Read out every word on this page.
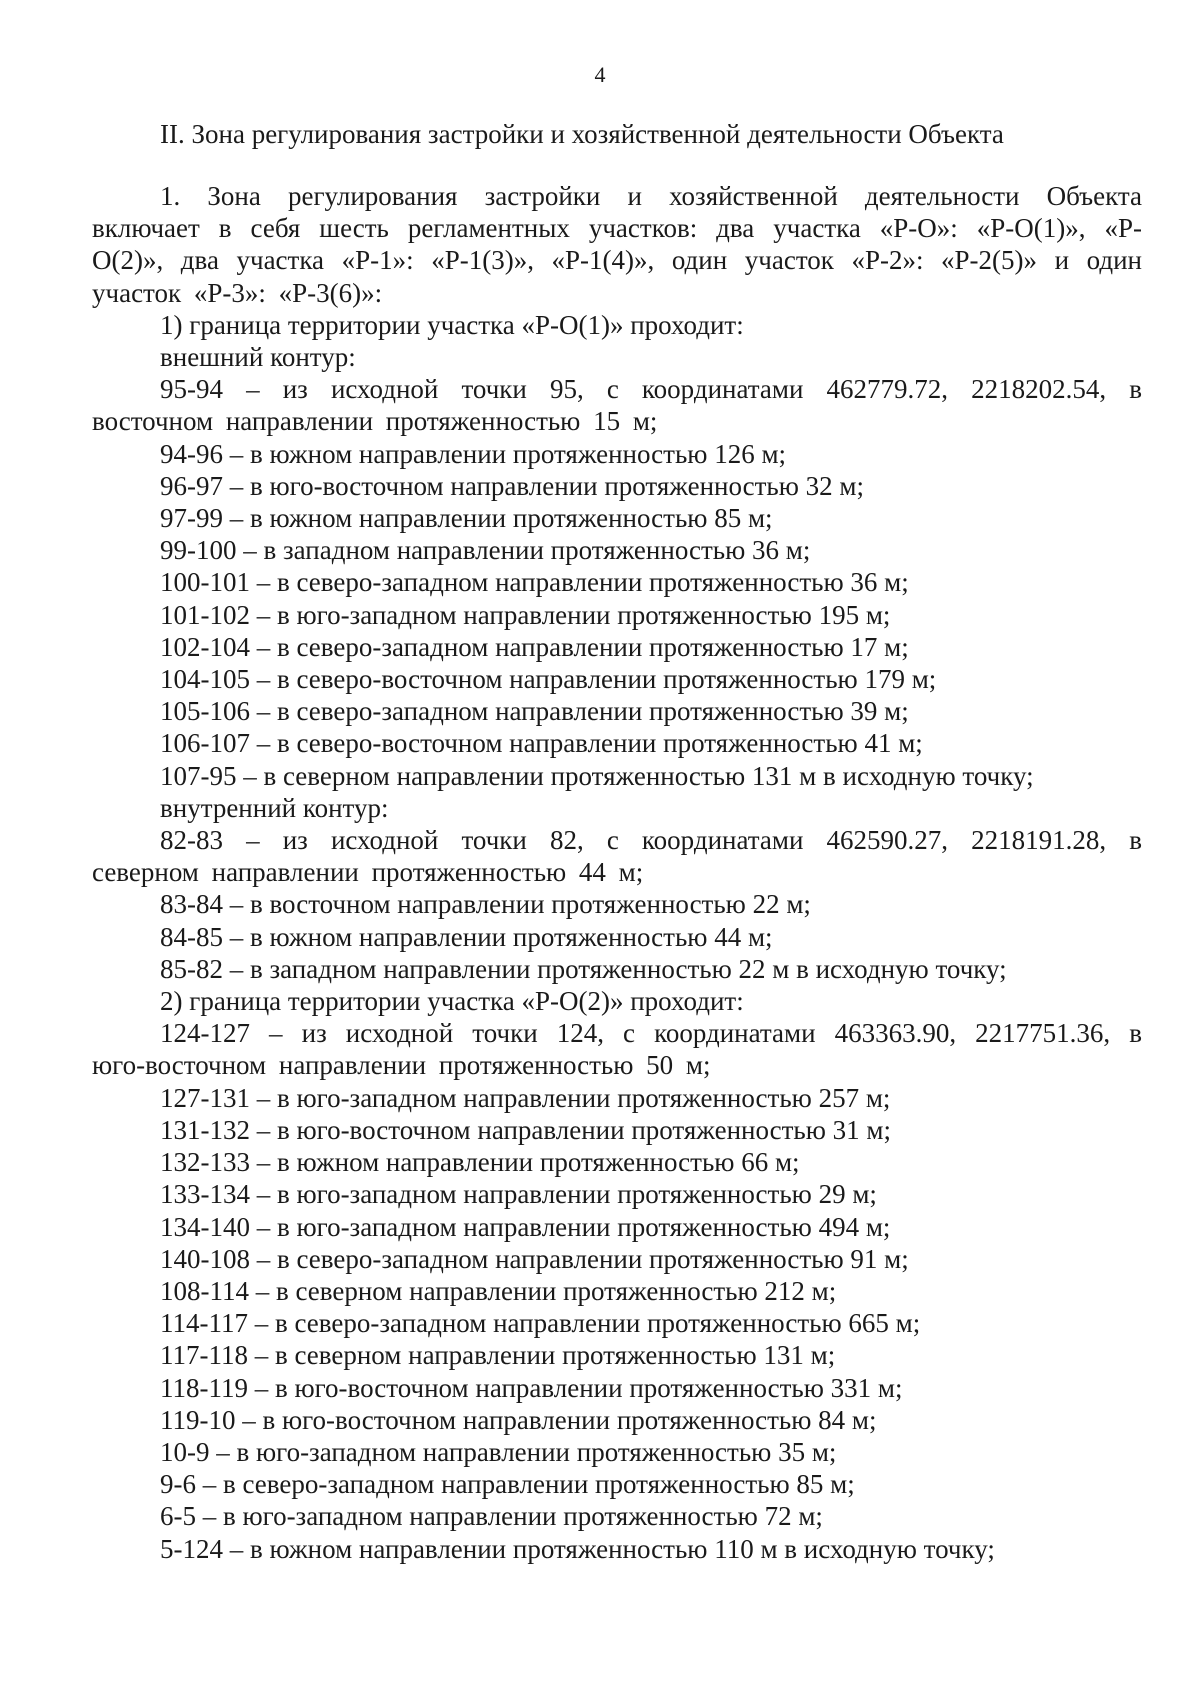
4
II. Зона регулирования застройки и хозяйственной деятельности Объекта

1. Зона регулирования застройки и хозяйственной деятельности Объекта включает в себя шесть регламентных участков: два участка «Р-О»: «Р-О(1)», «Р-О(2)», два участка «Р-1»: «Р-1(3)», «Р-1(4)», один участок «Р-2»: «Р-2(5)» и один участок «Р-3»: «Р-3(6)»:

1) граница территории участка «Р-О(1)» проходит:

внешний контур:

95-94 – из исходной точки 95, с координатами 462779.72, 2218202.54, в восточном направлении протяженностью 15 м;

94-96 – в южном направлении протяженностью 126 м;

96-97 – в юго-восточном направлении протяженностью 32 м;

97-99 – в южном направлении протяженностью 85 м;

99-100 – в западном направлении протяженностью 36 м;

100-101 – в северо-западном направлении протяженностью 36 м;

101-102 – в юго-западном направлении протяженностью 195 м;

102-104 – в северо-западном направлении протяженностью 17 м;

104-105 – в северо-восточном направлении протяженностью 179 м;

105-106 – в северо-западном направлении протяженностью 39 м;

106-107 – в северо-восточном направлении протяженностью 41 м;

107-95 – в северном направлении протяженностью 131 м в исходную точку;

внутренний контур:

82-83 – из исходной точки 82, с координатами 462590.27, 2218191.28, в северном направлении протяженностью 44 м;

83-84 – в восточном направлении протяженностью 22 м;

84-85 – в южном направлении протяженностью 44 м;

85-82 – в западном направлении протяженностью 22 м в исходную точку;

2) граница территории участка «Р-О(2)» проходит:

124-127 – из исходной точки 124, с координатами 463363.90, 2217751.36, в юго-восточном направлении протяженностью 50 м;

127-131 – в юго-западном направлении протяженностью 257 м;

131-132 – в юго-восточном направлении протяженностью 31 м;

132-133 – в южном направлении протяженностью 66 м;

133-134 – в юго-западном направлении протяженностью 29 м;

134-140 – в юго-западном направлении протяженностью 494 м;

140-108 – в северо-западном направлении протяженностью 91 м;

108-114 – в северном направлении протяженностью 212 м;

114-117 – в северо-западном направлении протяженностью 665 м;

117-118 – в северном направлении протяженностью 131 м;

118-119 – в юго-восточном направлении протяженностью 331 м;

119-10 – в юго-восточном направлении протяженностью 84 м;

10-9 – в юго-западном направлении протяженностью 35 м;

9-6 – в северо-западном направлении протяженностью 85 м;

6-5 – в юго-западном направлении протяженностью 72 м;

5-124 – в южном направлении протяженностью 110 м в исходную точку;
